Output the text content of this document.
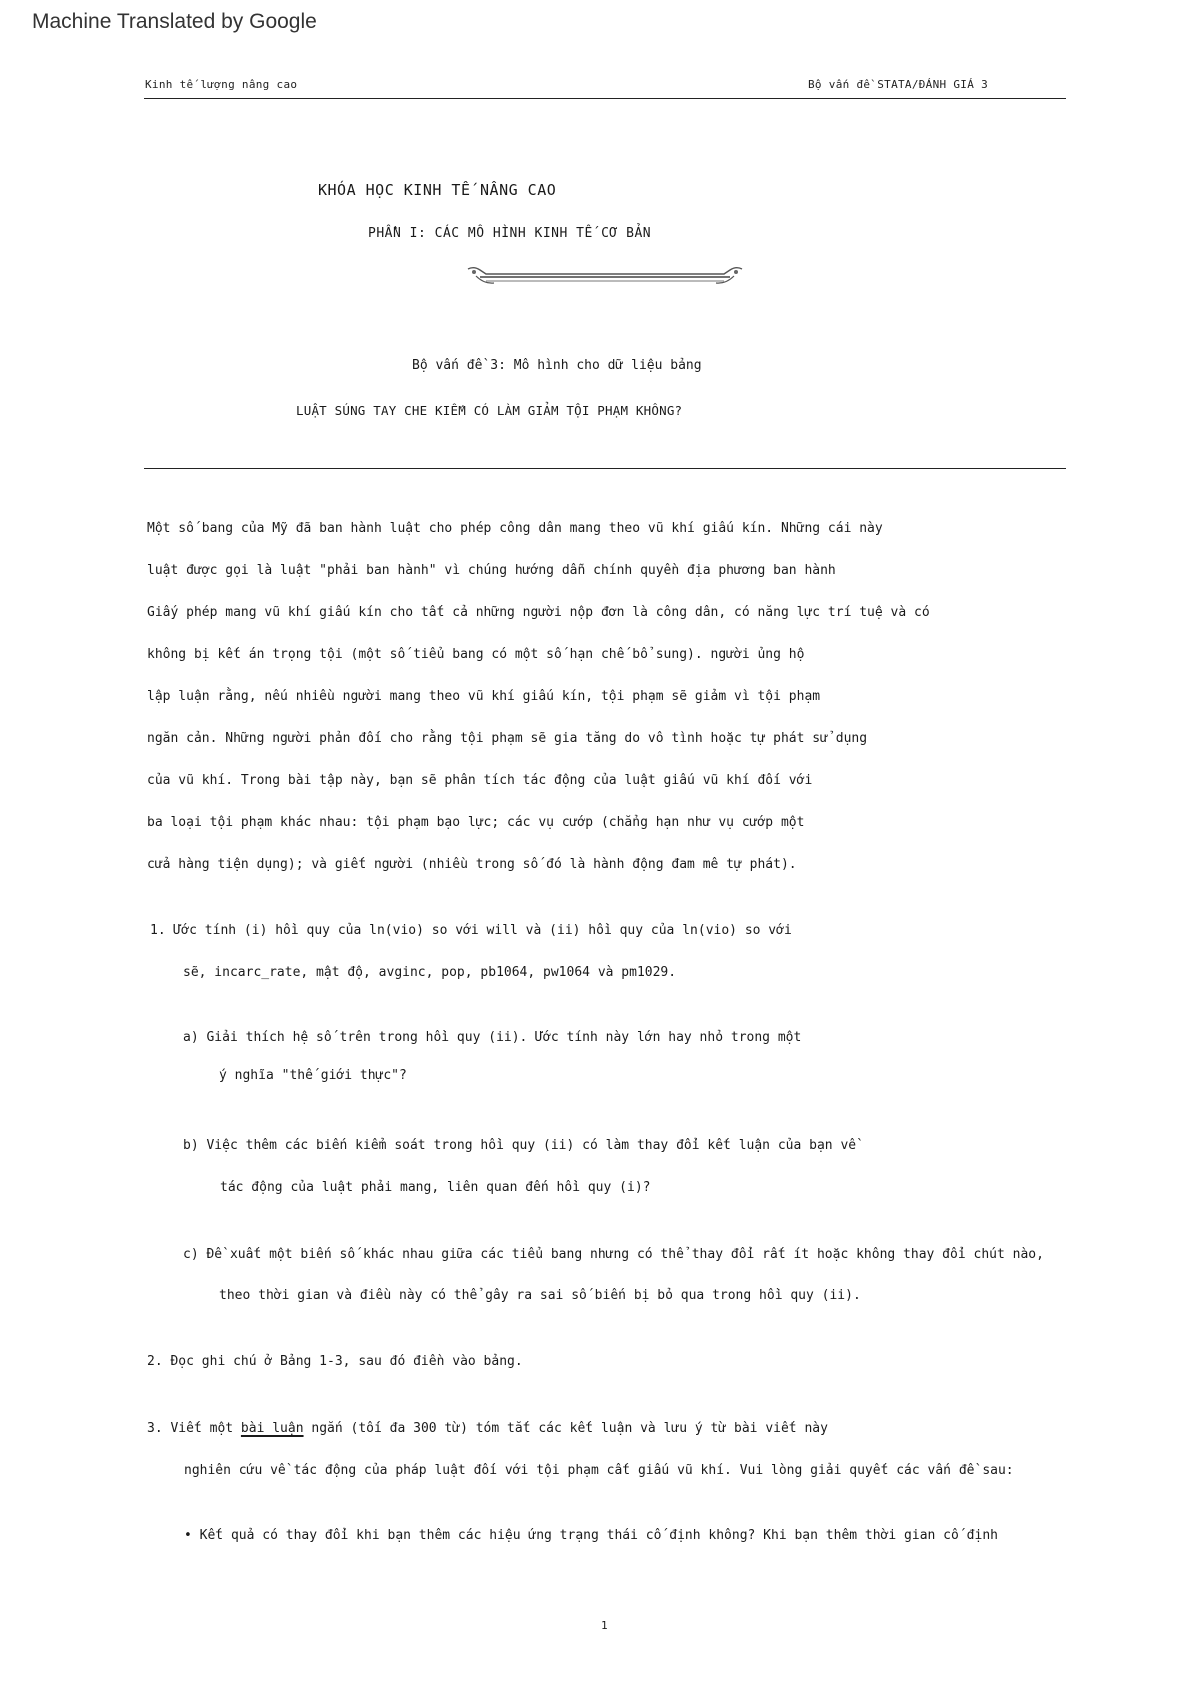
Machine Translated by Google
Kinh tế lượng nâng cao	Bộ vấn đề STATA/ĐÁNH GIÁ 3
KHÓA HỌC KINH TẾ NÂNG CAO
PHẦN I: CÁC MÔ HÌNH KINH TẾ CƠ BẢN
Bộ vấn đề 3: Mô hình cho dữ liệu bảng
LUẬT SÚNG TAY CHE KIẾM CÓ LÀM GIẢM TỘI PHẠM KHÔNG?
Một số bang của Mỹ đã ban hành luật cho phép công dân mang theo vũ khí giấu kín. Những cái này
luật được gọi là luật "phải ban hành" vì chúng hướng dẫn chính quyền địa phương ban hành
Giấy phép mang vũ khí giấu kín cho tất cả những người nộp đơn là công dân, có năng lực trí tuệ và có
không bị kết án trọng tội (một số tiểu bang có một số hạn chế bổ sung). người ủng hộ
lập luận rằng, nếu nhiều người mang theo vũ khí giấu kín, tội phạm sẽ giảm vì tội phạm
ngăn cản. Những người phản đối cho rằng tội phạm sẽ gia tăng do vô tình hoặc tự phát sử dụng
của vũ khí. Trong bài tập này, bạn sẽ phân tích tác động của luật giấu vũ khí đối với
ba loại tội phạm khác nhau: tội phạm bạo lực; các vụ cướp (chẳng hạn như vụ cướp một
cửa hàng tiện dụng); và giết người (nhiều trong số đó là hành động đam mê tự phát).
1. Ước tính (i) hồi quy của ln(vio) so với will và (ii) hồi quy của ln(vio) so với
sẽ, incarc_rate, mật độ, avginc, pop, pb1064, pw1064 và pm1029.
a) Giải thích hệ số trên trong hồi quy (ii). Ước tính này lớn hay nhỏ trong một
ý nghĩa "thế giới thực"?
b) Việc thêm các biến kiểm soát trong hồi quy (ii) có làm thay đổi kết luận của bạn về
tác động của luật phải mang, liên quan đến hồi quy (i)?
c) Đề xuất một biến số khác nhau giữa các tiểu bang nhưng có thể thay đổi rất ít hoặc không thay đổi chút nào,
theo thời gian và điều này có thể gây ra sai số biến bị bỏ qua trong hồi quy (ii).
2. Đọc ghi chú ở Bảng 1-3, sau đó điền vào bảng.
3. Viết một bài luận ngắn (tối đa 300 từ) tóm tắt các kết luận và lưu ý từ bài viết này
nghiên cứu về tác động của pháp luật đối với tội phạm cất giấu vũ khí. Vui lòng giải quyết các vấn đề sau:
• Kết quả có thay đổi khi bạn thêm các hiệu ứng trạng thái cố định không? Khi bạn thêm thời gian cố định
1
